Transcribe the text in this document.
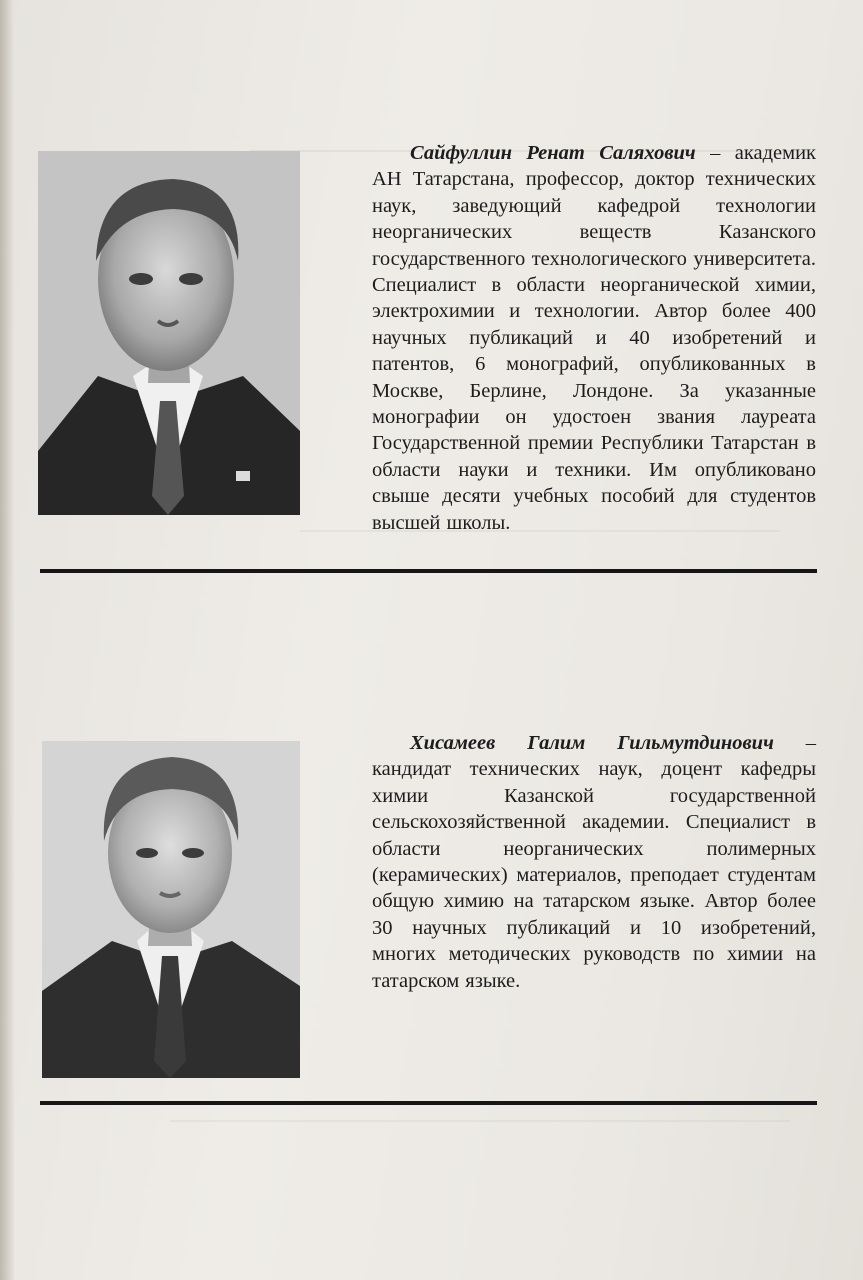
Сайфуллин Ренат Саляхович – академик АН Татарстана, профессор, доктор технических наук, заведующий кафедрой технологии неорганических веществ Казанского государственного технологического университета. Специалист в области неорганической химии, электрохимии и технологии. Автор более 400 научных публикаций и 40 изобретений и патентов, 6 монографий, опубликованных в Москве, Берлине, Лондоне. За указанные монографии он удостоен звания лауреата Государственной премии Республики Татарстан в области науки и техники. Им опубликовано свыше десяти учебных пособий для студентов высшей школы.

Хисамеев Галим Гильмутдинович – кандидат технических наук, доцент кафедры химии Казанской государственной сельскохозяйственной академии. Специалист в области неорганических полимерных (керамических) материалов, преподает студентам общую химию на татарском языке. Автор более 30 научных публикаций и 10 изобретений, многих методических руководств по химии на татарском языке.
